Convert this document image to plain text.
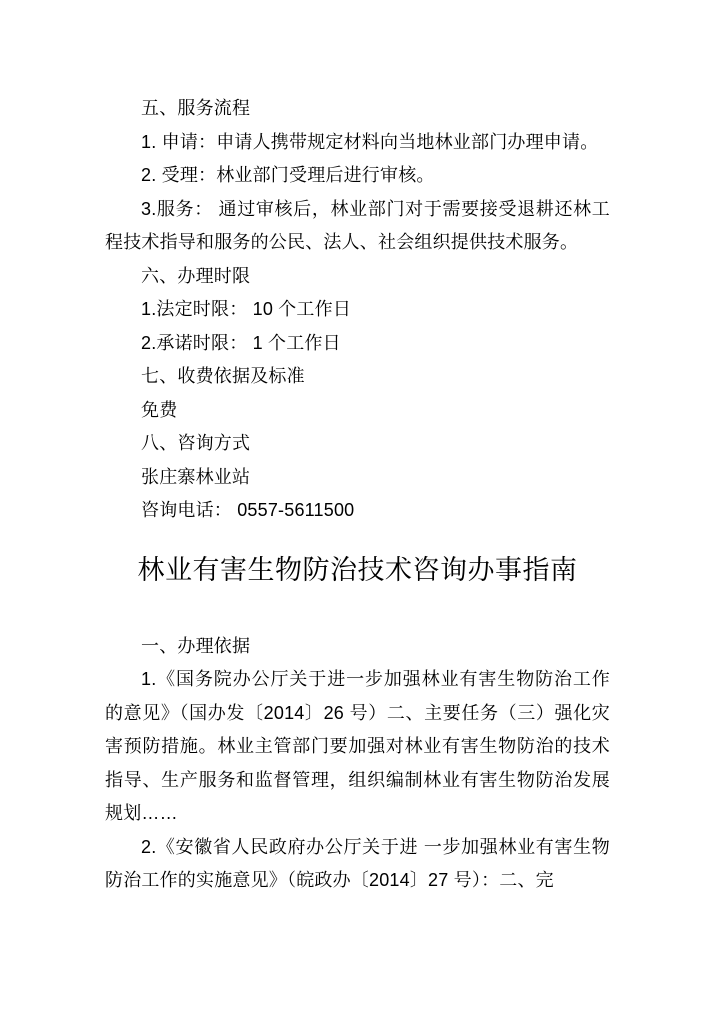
五、服务流程

1. 申请：申请人携带规定材料向当地林业部门办理申请。

2. 受理：林业部门受理后进行审核。

3.服务： 通过审核后，林业部门对于需要接受退耕还林工程技术指导和服务的公民、法人、社会组织提供技术服务。

六、办理时限

1.法定时限： 10 个工作日

2.承诺时限： 1 个工作日

七、收费依据及标准

免费

八、咨询方式

张庄寨林业站

咨询电话： 0557-5611500

林业有害生物防治技术咨询办事指南

一、办理依据

1.《国务院办公厅关于进一步加强林业有害生物防治工作的意见》（国办发〔2014〕26 号）二、主要任务（三）强化灾害预防措施。林业主管部门要加强对林业有害生物防治的技术指导、生产服务和监督管理，组织编制林业有害生物防治发展规划……

2.《安徽省人民政府办公厅关于进 一步加强林业有害生物防治工作的实施意见》（皖政办〔2014〕27 号）：二、完
